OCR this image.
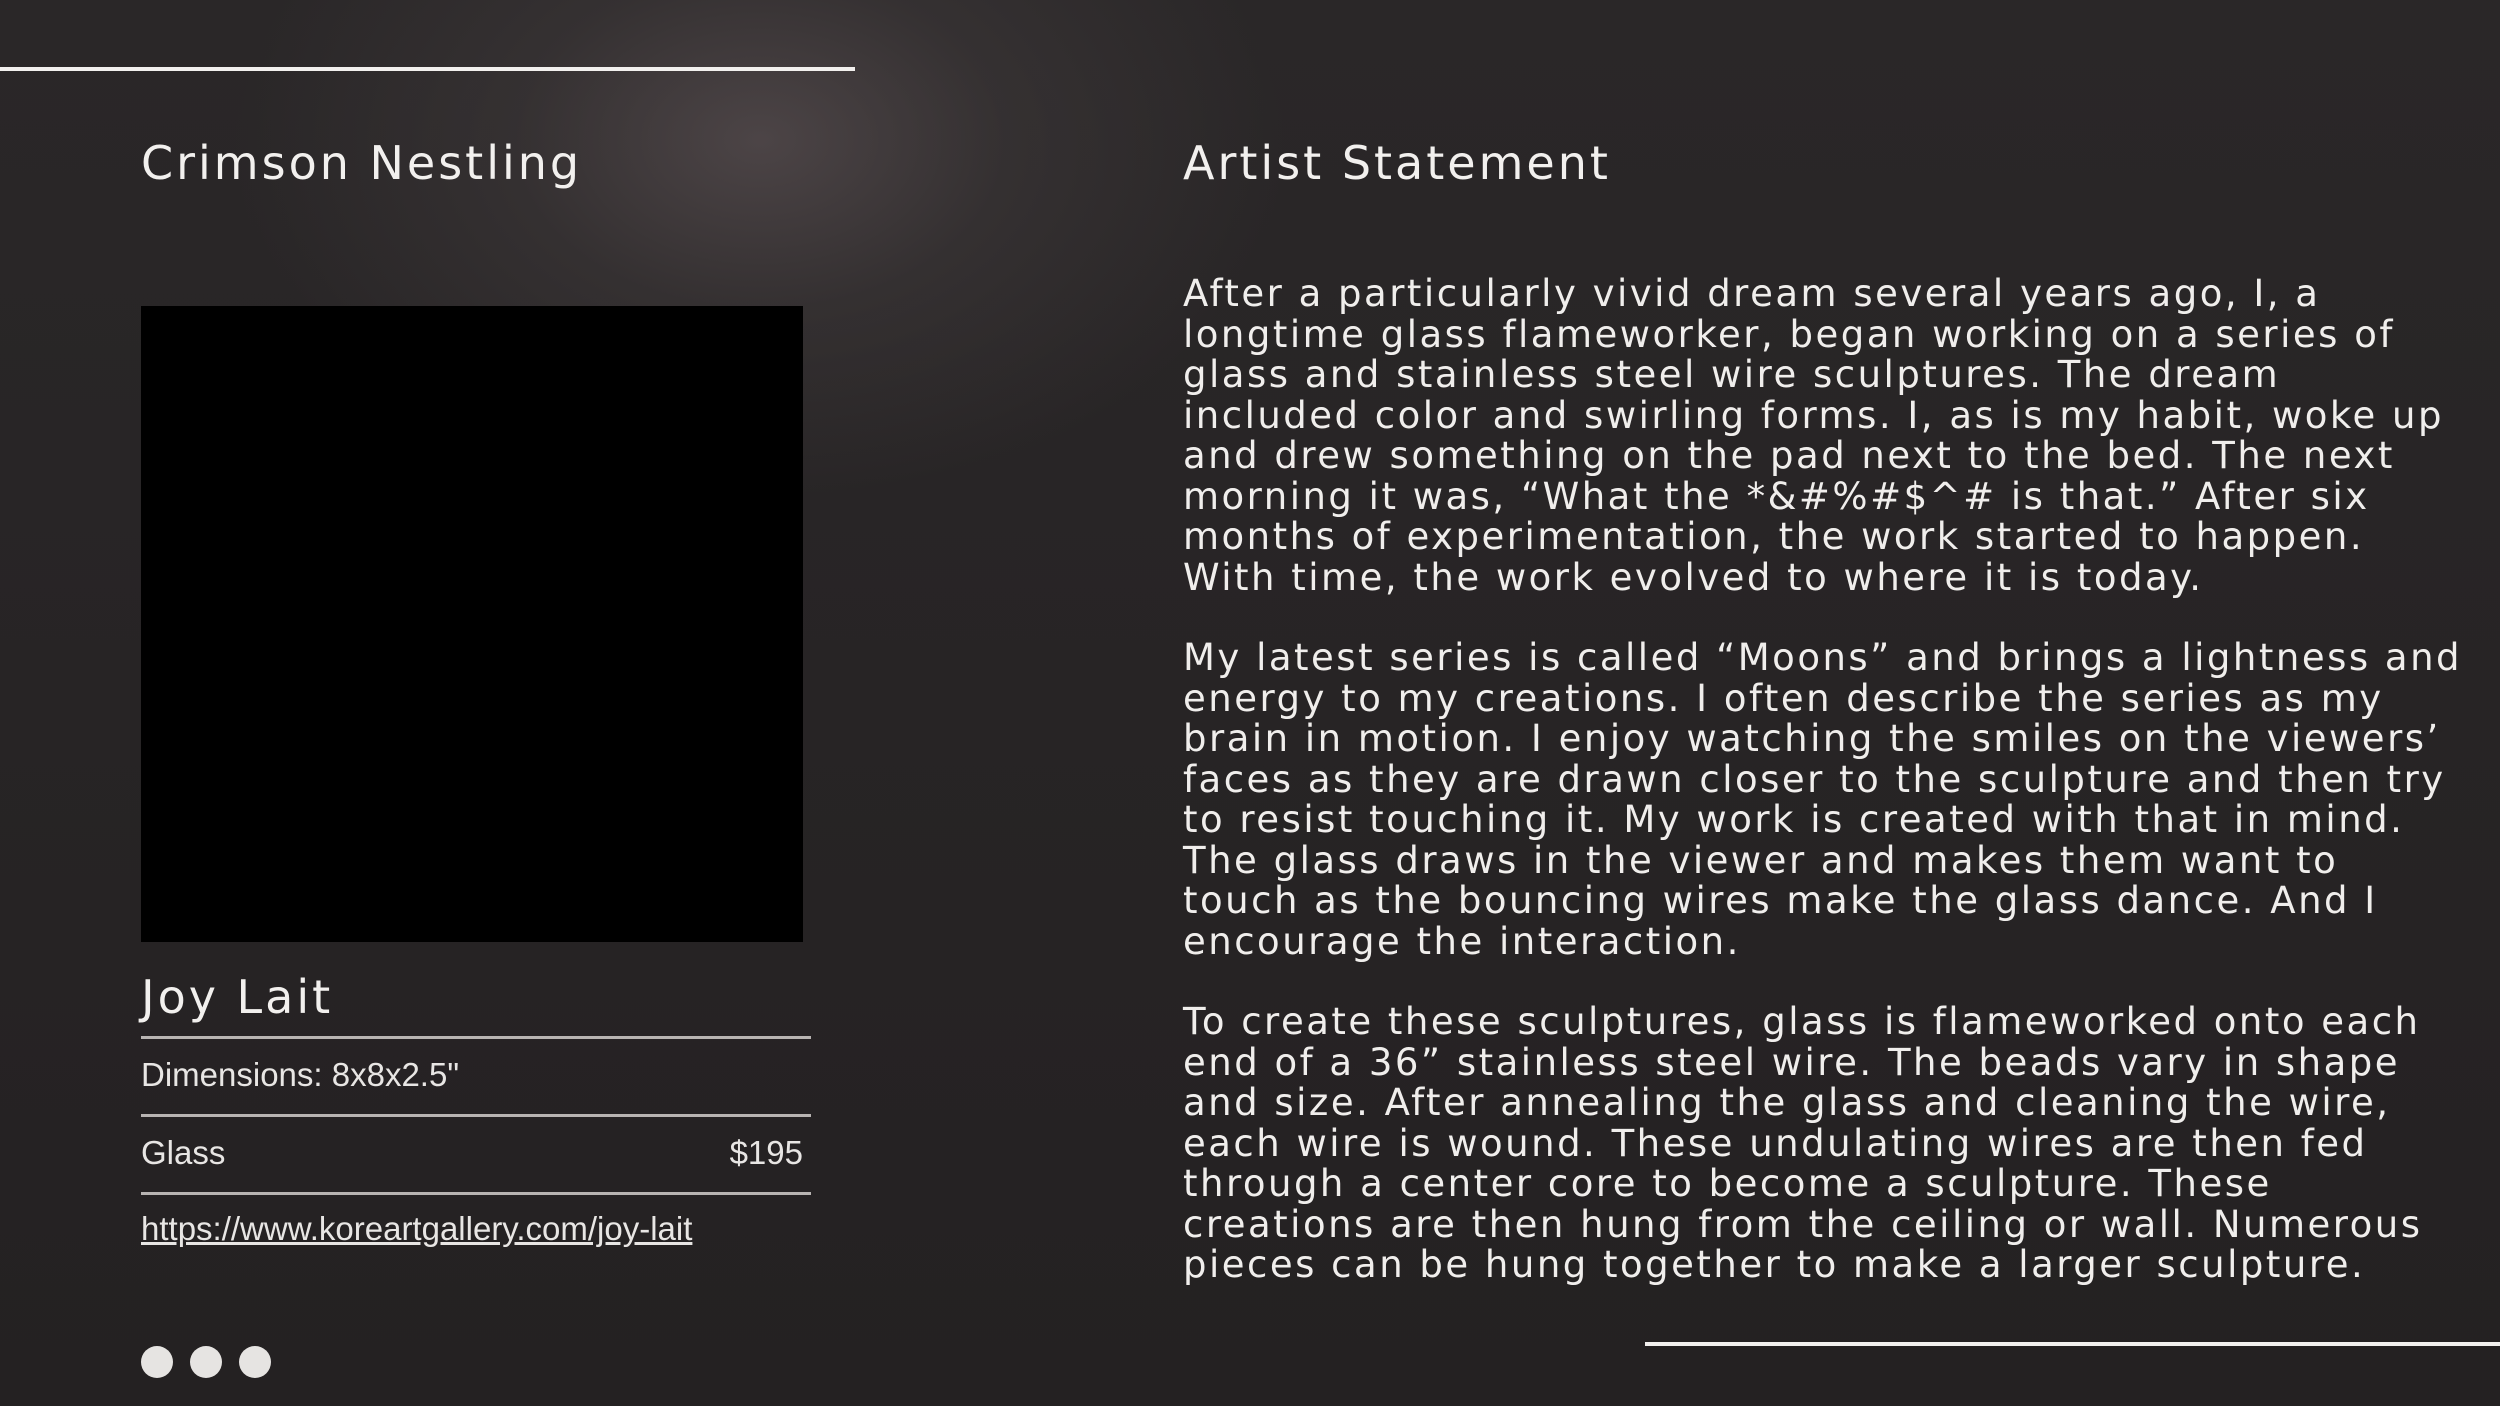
Crimson Nestling
Joy Lait
Dimensions: 8x8x2.5"
Glass	$195
https://www.koreartgallery.com/joy-lait
Artist Statement

After a particularly vivid dream several years ago, I, a longtime glass flameworker, began working on a series of glass and stainless steel wire sculptures. The dream included color and swirling forms. I, as is my habit, woke up and drew something on the pad next to the bed. The next morning it was, “What the *&#%#$^# is that.” After six months of experimentation, the work started to happen. With time, the work evolved to where it is today.

My latest series is called “Moons” and brings a lightness and energy to my creations. I often describe the series as my brain in motion. I enjoy watching the smiles on the viewers’ faces as they are drawn closer to the sculpture and then try to resist touching it. My work is created with that in mind. The glass draws in the viewer and makes them want to touch as the bouncing wires make the glass dance. And I encourage the interaction.

To create these sculptures, glass is flameworked onto each end of a 36” stainless steel wire. The beads vary in shape and size. After annealing the glass and cleaning the wire, each wire is wound. These undulating wires are then fed through a center core to become a sculpture. These creations are then hung from the ceiling or wall. Numerous pieces can be hung together to make a larger sculpture.
